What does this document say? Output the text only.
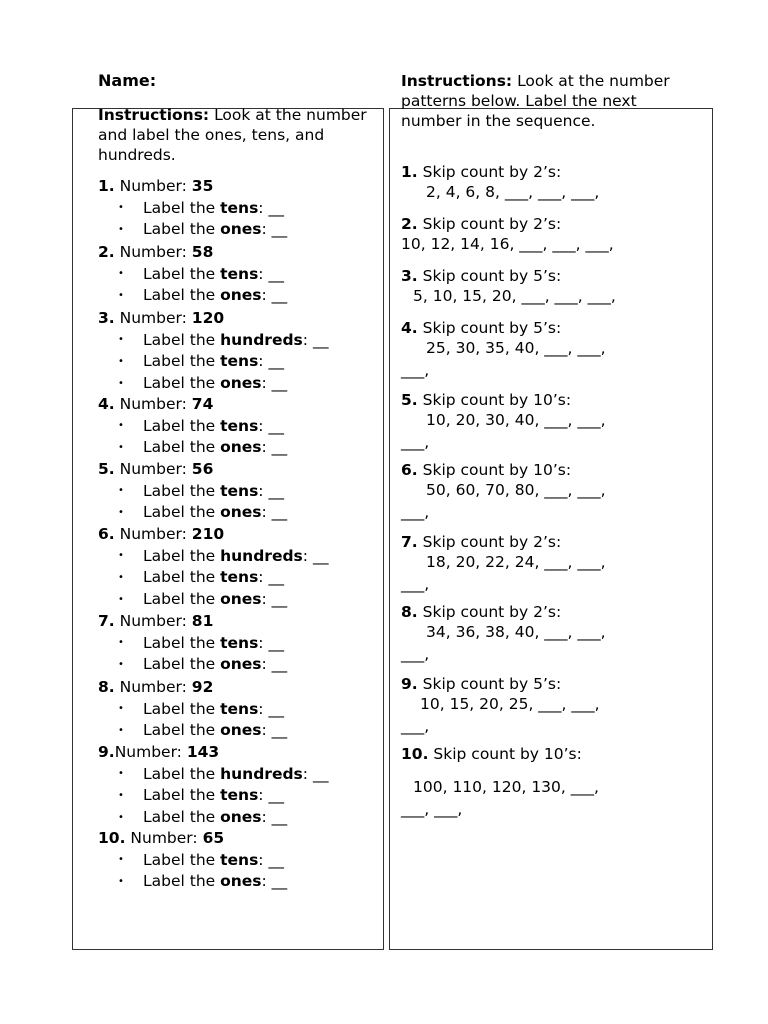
Name:	Instructions: Look at the number patterns below. Label the next number in the sequence.
Instructions: Look at the number and label the ones, tens, and hundreds.
1. Number: 35
• Label the tens: __
• Label the ones: __
2. Number: 58
• Label the tens: __
• Label the ones: __
3. Number: 120
• Label the hundreds: __
• Label the tens: __
• Label the ones: __
4. Number: 74
• Label the tens: __
• Label the ones: __
5. Number: 56
• Label the tens: __
• Label the ones: __
6. Number: 210
• Label the hundreds: __
• Label the tens: __
• Label the ones: __
7. Number: 81
• Label the tens: __
• Label the ones: __
8. Number: 92
• Label the tens: __
• Label the ones: __
9.Number: 143
• Label the hundreds: __
• Label the tens: __
• Label the ones: __
10. Number: 65
• Label the tens: __
• Label the ones: __
1. Skip count by 2’s:
2, 4, 6, 8, ___, ___, ___,
2. Skip count by 2’s:
10, 12, 14, 16, ___, ___, ___,
3. Skip count by 5’s:
5, 10, 15, 20, ___, ___, ___,
4. Skip count by 5’s:
25, 30, 35, 40, ___, ___,
___,
5. Skip count by 10’s:
10, 20, 30, 40, ___, ___,
___,
6. Skip count by 10’s:
50, 60, 70, 80, ___, ___,
___,
7. Skip count by 2’s:
18, 20, 22, 24, ___, ___,
___,
8. Skip count by 2’s:
34, 36, 38, 40, ___, ___,
___,
9. Skip count by 5’s:
10, 15, 20, 25, ___, ___,
___,
10. Skip count by 10’s:
100, 110, 120, 130, ___,
___, ___,
